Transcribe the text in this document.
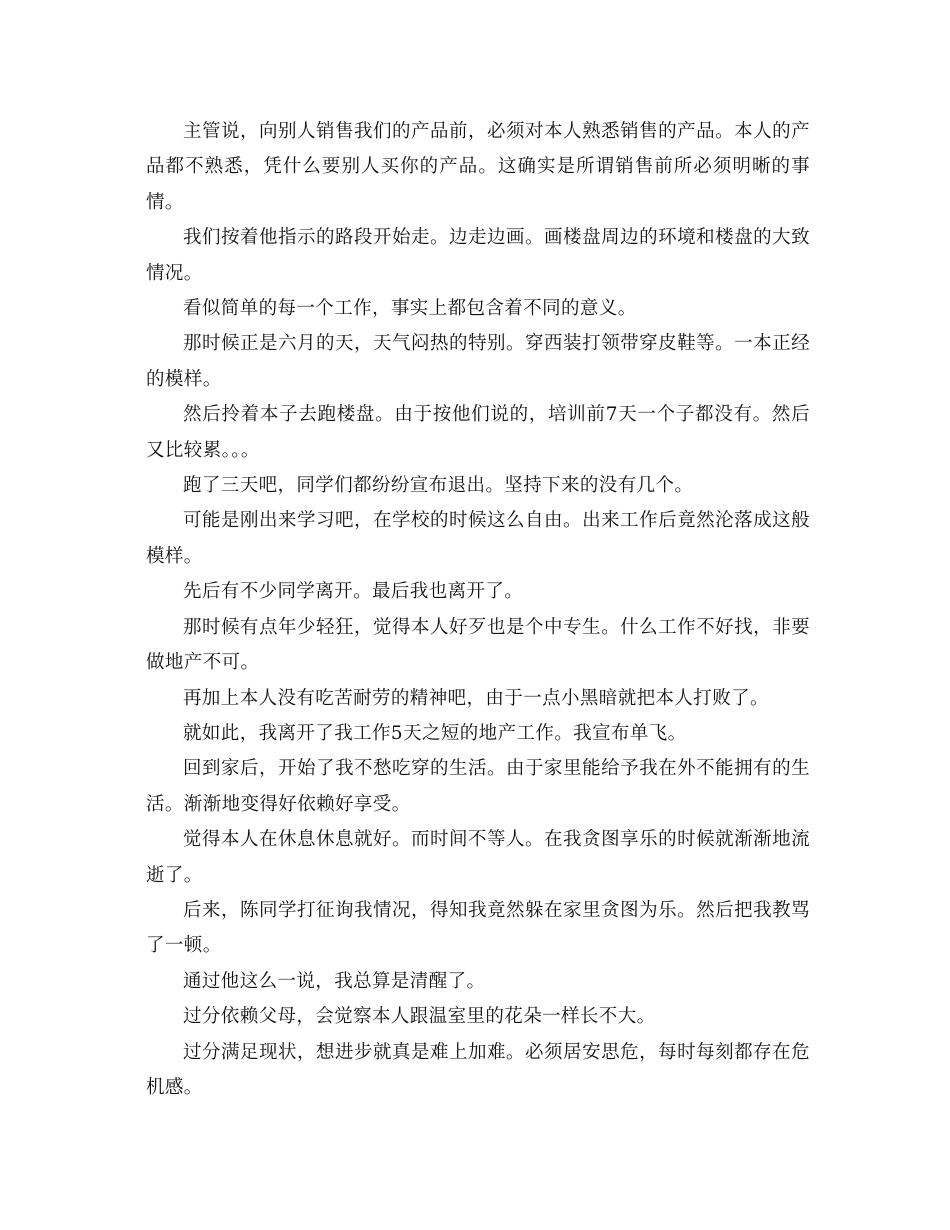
主管说，向别人销售我们的产品前，必须对本人熟悉销售的产品。本人的产品都不熟悉，凭什么要别人买你的产品。这确实是所谓销售前所必须明晰的事情。

我们按着他指示的路段开始走。边走边画。画楼盘周边的环境和楼盘的大致情况。

看似简单的每一个工作，事实上都包含着不同的意义。

那时候正是六月的天，天气闷热的特别。穿西装打领带穿皮鞋等。一本正经的模样。

然后拎着本子去跑楼盘。由于按他们说的，培训前7天一个子都没有。然后又比较累。。。

跑了三天吧，同学们都纷纷宣布退出。坚持下来的没有几个。

可能是刚出来学习吧，在学校的时候这么自由。出来工作后竟然沦落成这般模样。

先后有不少同学离开。最后我也离开了。

那时候有点年少轻狂，觉得本人好歹也是个中专生。什么工作不好找，非要做地产不可。

再加上本人没有吃苦耐劳的精神吧，由于一点小黑暗就把本人打败了。

就如此，我离开了我工作5天之短的地产工作。我宣布单飞。

回到家后，开始了我不愁吃穿的生活。由于家里能给予我在外不能拥有的生活。渐渐地变得好依赖好享受。

觉得本人在休息休息就好。而时间不等人。在我贪图享乐的时候就渐渐地流逝了。

后来，陈同学打征询我情况，得知我竟然躲在家里贪图为乐。然后把我教骂了一顿。

通过他这么一说，我总算是清醒了。

过分依赖父母，会觉察本人跟温室里的花朵一样长不大。

过分满足现状，想进步就真是难上加难。必须居安思危，每时每刻都存在危机感。
